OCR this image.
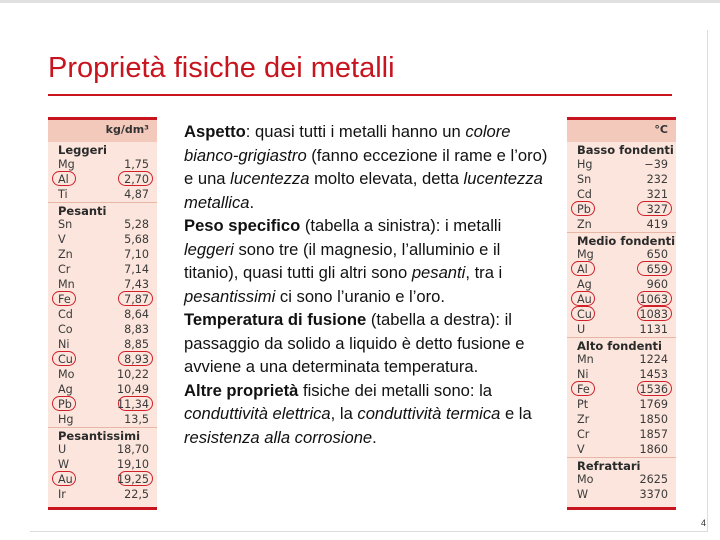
Proprietà fisiche dei metalli
kg/dm³
Leggeri
Mg	1,75
Al	2,70
Ti	4,87
Pesanti
Sn	5,28
V	5,68
Zn	7,10
Cr	7,14
Mn	7,43
Fe	7,87
Cd	8,64
Co	8,83
Ni	8,85
Cu	8,93
Mo	10,22
Ag	10,49
Pb	11,34
Hg	13,5
Pesantissimi
U	18,70
W	19,10
Au	19,25
Ir	22,5

Aspetto: quasi tutti i metalli hanno un colore bianco-grigiastro (fanno eccezione il rame e l’oro) e una lucentezza molto elevata, detta lucentezza metallica.

Peso specifico (tabella a sinistra): i metalli leggeri sono tre (il magnesio, l’alluminio e il titanio), quasi tutti gli altri sono pesanti, tra i pesantissimi ci sono l’uranio e l’oro.

Temperatura di fusione (tabella a destra): il passaggio da solido a liquido è detto fusione e avviene a una determinata temperatura.

Altre proprietà fisiche dei metalli sono: la conduttività elettrica, la conduttività termica e la resistenza alla corrosione.

°C
Basso fondenti
Hg	−39
Sn	232
Cd	321
Pb	327
Zn	419
Medio fondenti
Mg	650
Al	659
Ag	960
Au	1063
Cu	1083
U	1131
Alto fondenti
Mn	1224
Ni	1453
Fe	1536
Pt	1769
Zr	1850
Cr	1857
V	1860
Refrattari
Mo	2625
W	3370
4
